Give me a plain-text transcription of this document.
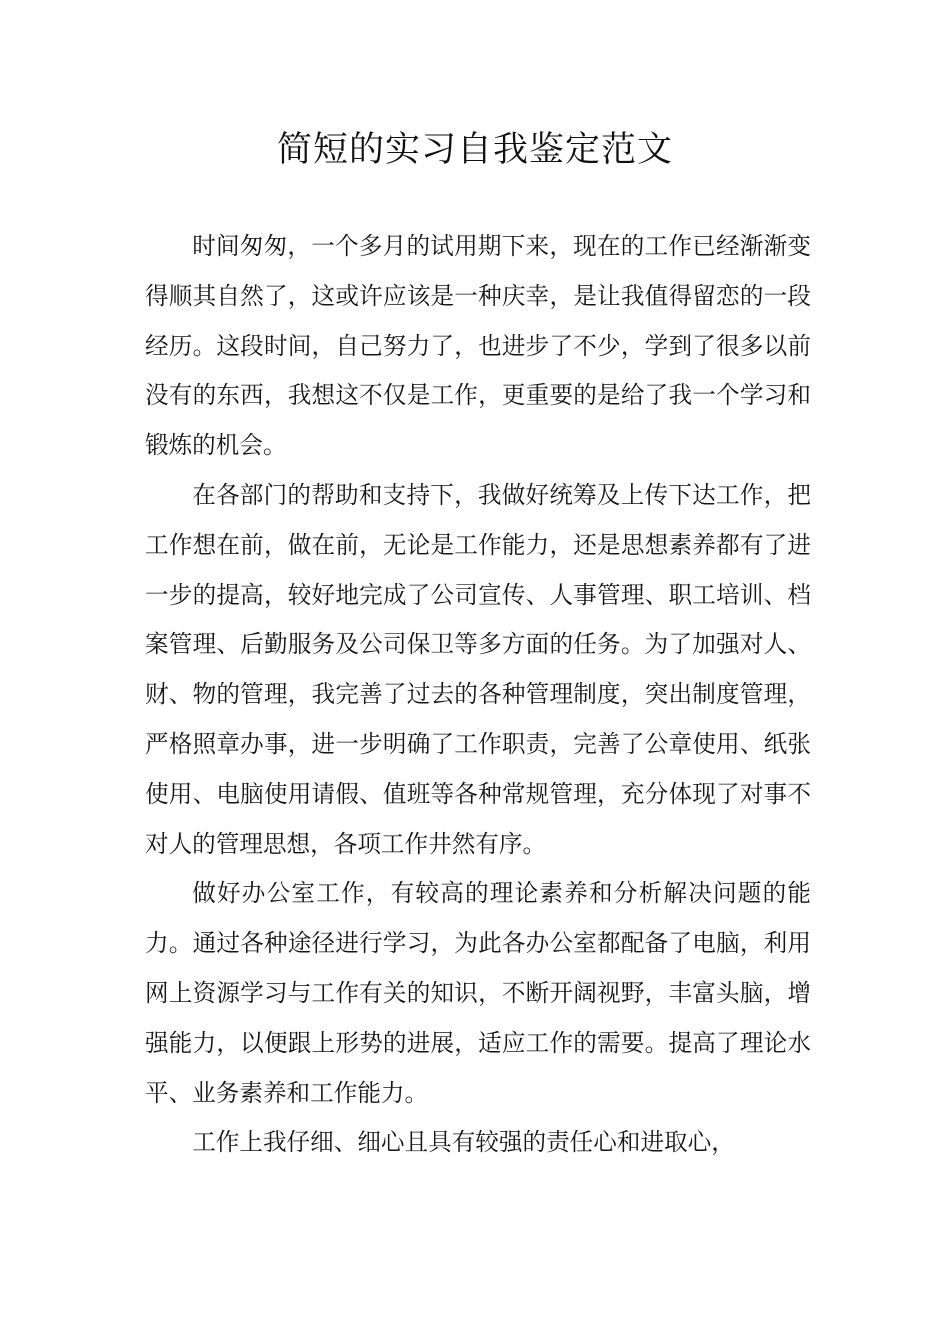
简短的实习自我鉴定范文

时间匆匆，一个多月的试用期下来，现在的工作已经渐渐变得顺其自然了，这或许应该是一种庆幸，是让我值得留恋的一段经历。这段时间，自己努力了，也进步了不少，学到了很多以前没有的东西，我想这不仅是工作，更重要的是给了我一个学习和锻炼的机会。

在各部门的帮助和支持下，我做好统筹及上传下达工作，把工作想在前，做在前，无论是工作能力，还是思想素养都有了进一步的提高，较好地完成了公司宣传、人事管理、职工培训、档案管理、后勤服务及公司保卫等多方面的任务。为了加强对人、财、物的管理，我完善了过去的各种管理制度，突出制度管理，严格照章办事，进一步明确了工作职责，完善了公章使用、纸张使用、电脑使用请假、值班等各种常规管理，充分体现了对事不对人的管理思想，各项工作井然有序。

做好办公室工作，有较高的理论素养和分析解决问题的能力。通过各种途径进行学习，为此各办公室都配备了电脑，利用网上资源学习与工作有关的知识，不断开阔视野，丰富头脑，增强能力，以便跟上形势的进展，适应工作的需要。提高了理论水平、业务素养和工作能力。

工作上我仔细、细心且具有较强的责任心和进取心，
